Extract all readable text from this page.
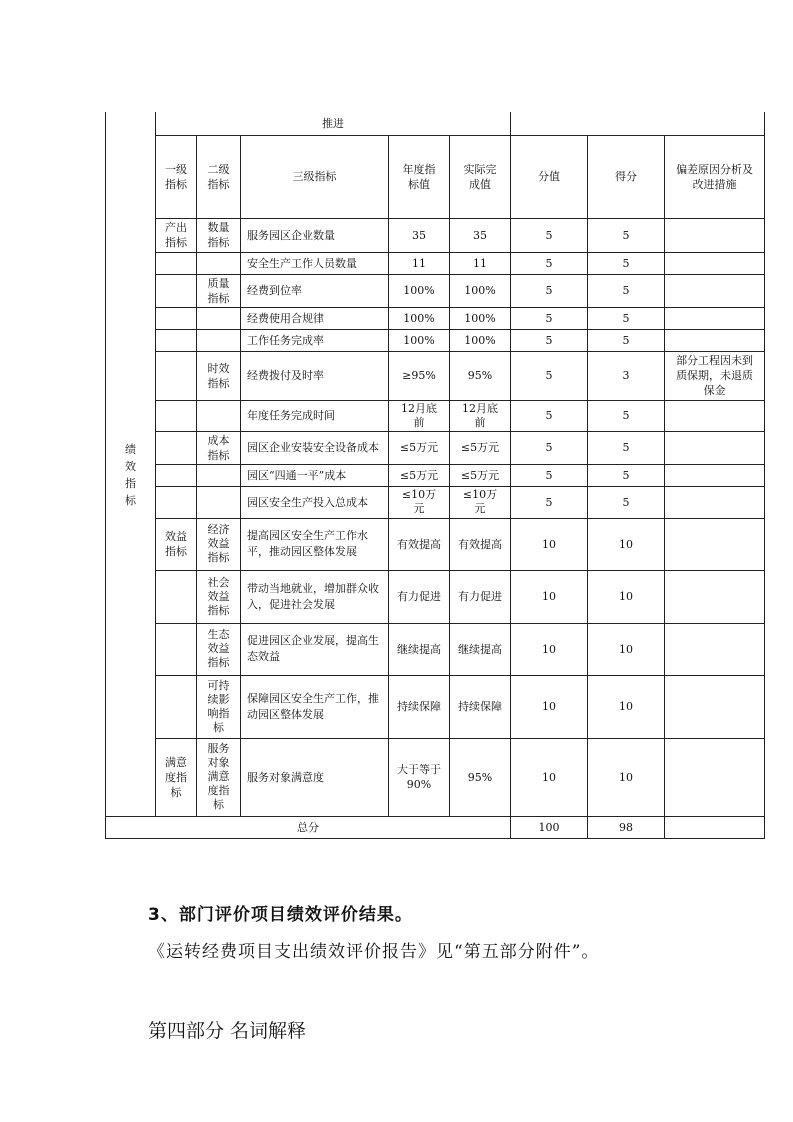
	推进							
绩效指标	一级指标	二级指标	三级指标	年度指标值	实际完成值	分值	得分	偏差原因分析及改进措施
	产出指标	数量指标	服务园区企业数量	35	35	5	5	
			安全生产工作人员数量	11	11	5	5	
		质量指标	经费到位率	100%	100%	5	5	
			经费使用合规律	100%	100%	5	5	
			工作任务完成率	100%	100%	5	5	
		时效指标	经费拨付及时率	≥95%	95%	5	3	部分工程因未到质保期，未退质保金
			年度任务完成时间	12月底前	12月底前	5	5	
		成本指标	园区企业安装安全设备成本	≤5万元	≤5万元	5	5	
			园区“四通一平”成本	≤5万元	≤5万元	5	5	
			园区安全生产投入总成本	≤10万元	≤10万元	5	5	
	效益指标	经济效益指标	提高园区安全生产工作水平，推动园区整体发展	有效提高	有效提高	10	10	
		社会效益指标	带动当地就业，增加群众收入，促进社会发展	有力促进	有力促进	10	10	
		生态效益指标	促进园区企业发展，提高生态效益	继续提高	继续提高	10	10	
		可持续影响指标	保障园区安全生产工作，推动园区整体发展	持续保障	持续保障	10	10	
	满意度指标	服务对象满意度指标	服务对象满意度	大于等于90%	95%	10	10	
总分						100	98	
3、部门评价项目绩效评价结果。
《运转经费项目支出绩效评价报告》见“第五部分附件”。
第四部分 名词解释
